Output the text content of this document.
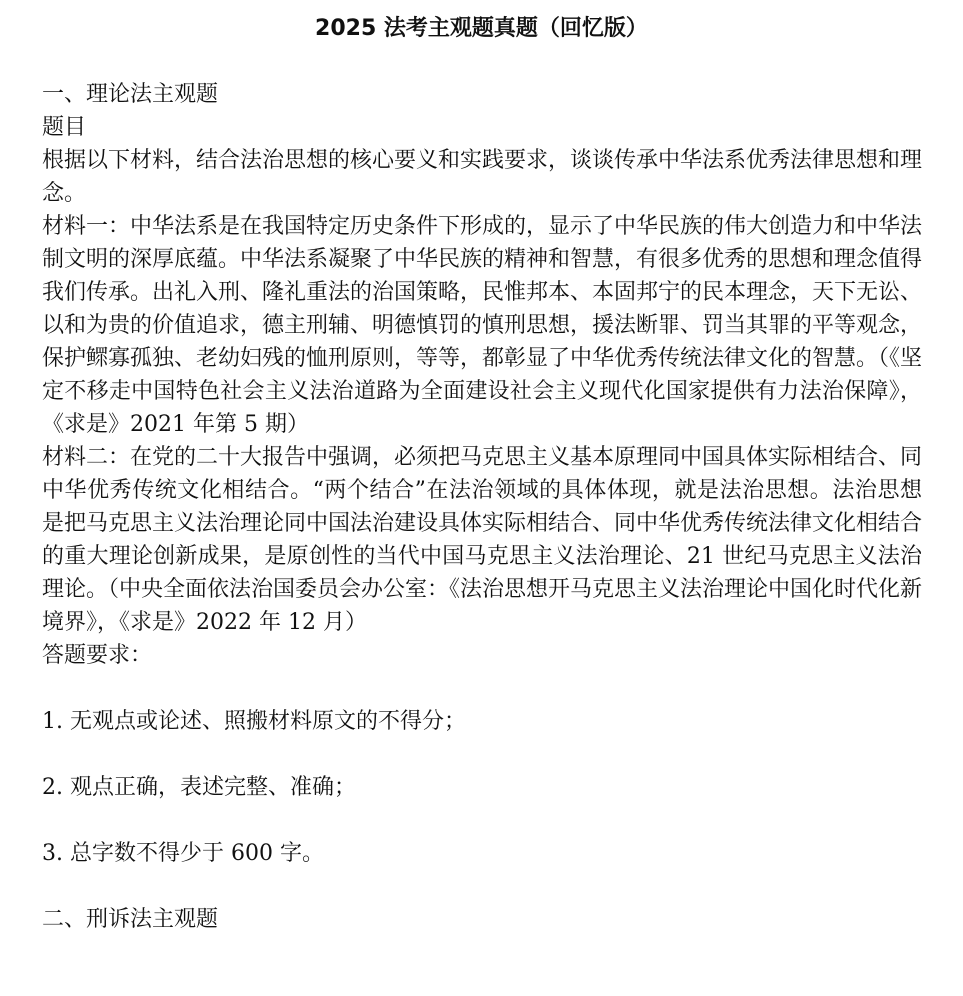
2025 法考主观题真题（回忆版）

一、理论法主观题

题目

根据以下材料，结合法治思想的核心要义和实践要求，谈谈传承中华法系优秀法律思想和理念。

材料一：中华法系是在我国特定历史条件下形成的，显示了中华民族的伟大创造力和中华法制文明的深厚底蕴。中华法系凝聚了中华民族的精神和智慧，有很多优秀的思想和理念值得我们传承。出礼入刑、隆礼重法的治国策略，民惟邦本、本固邦宁的民本理念，天下无讼、以和为贵的价值追求，德主刑辅、明德慎罚的慎刑思想，援法断罪、罚当其罪的平等观念，保护鳏寡孤独、老幼妇残的恤刑原则，等等，都彰显了中华优秀传统法律文化的智慧。（《坚定不移走中国特色社会主义法治道路为全面建设社会主义现代化国家提供有力法治保障》，《求是》2021 年第 5 期）

材料二：在党的二十大报告中强调，必须把马克思主义基本原理同中国具体实际相结合、同中华优秀传统文化相结合。“两个结合”在法治领域的具体体现，就是法治思想。法治思想是把马克思主义法治理论同中国法治建设具体实际相结合、同中华优秀传统法律文化相结合的重大理论创新成果，是原创性的当代中国马克思主义法治理论、21 世纪马克思主义法治理论。（中央全面依法治国委员会办公室：《法治思想开马克思主义法治理论中国化时代化新境界》，《求是》2022 年 12 月）

答题要求：

1. 无观点或论述、照搬材料原文的不得分；

2. 观点正确，表述完整、准确；

3. 总字数不得少于 600 字。

二、刑诉法主观题
